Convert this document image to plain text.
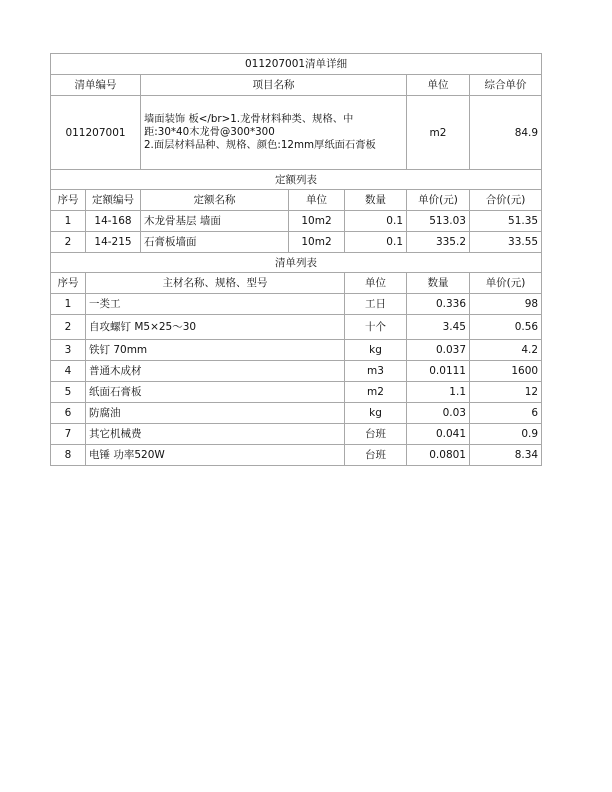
011207001清单详细							
清单编号		项目名称			单位	综合单价	
011207001		墙面装饰 板</br>1.龙骨材料种类、规格、中
距:30*40木龙骨@300*300
2.面层材料品种、规格、颜色:12mm厚纸面石膏板			m2	84.9	
定额列表							
序号	定额编号	定额名称	单位	数量	单价(元)	合价(元)	
1	14-168	木龙骨基层 墙面	10m2	0.1	513.03	51.35	
2	14-215	石膏板墙面	10m2	0.1	335.2	33.55	
清单列表							
序号	主材名称、规格、型号			单位	数量	单价(元)	
1	一类工			工日	0.336	98	
2	自攻螺钉 M5×25～30			十个	3.45	0.56	
3	铁钉 70mm			kg	0.037	4.2	
4	普通木成材			m3	0.0111	1600	
5	纸面石膏板			m2	1.1	12	
6	防腐油			kg	0.03	6	
7	其它机械费			台班	0.041	0.9	
8	电锤 功率520W			台班	0.0801	8.34	
